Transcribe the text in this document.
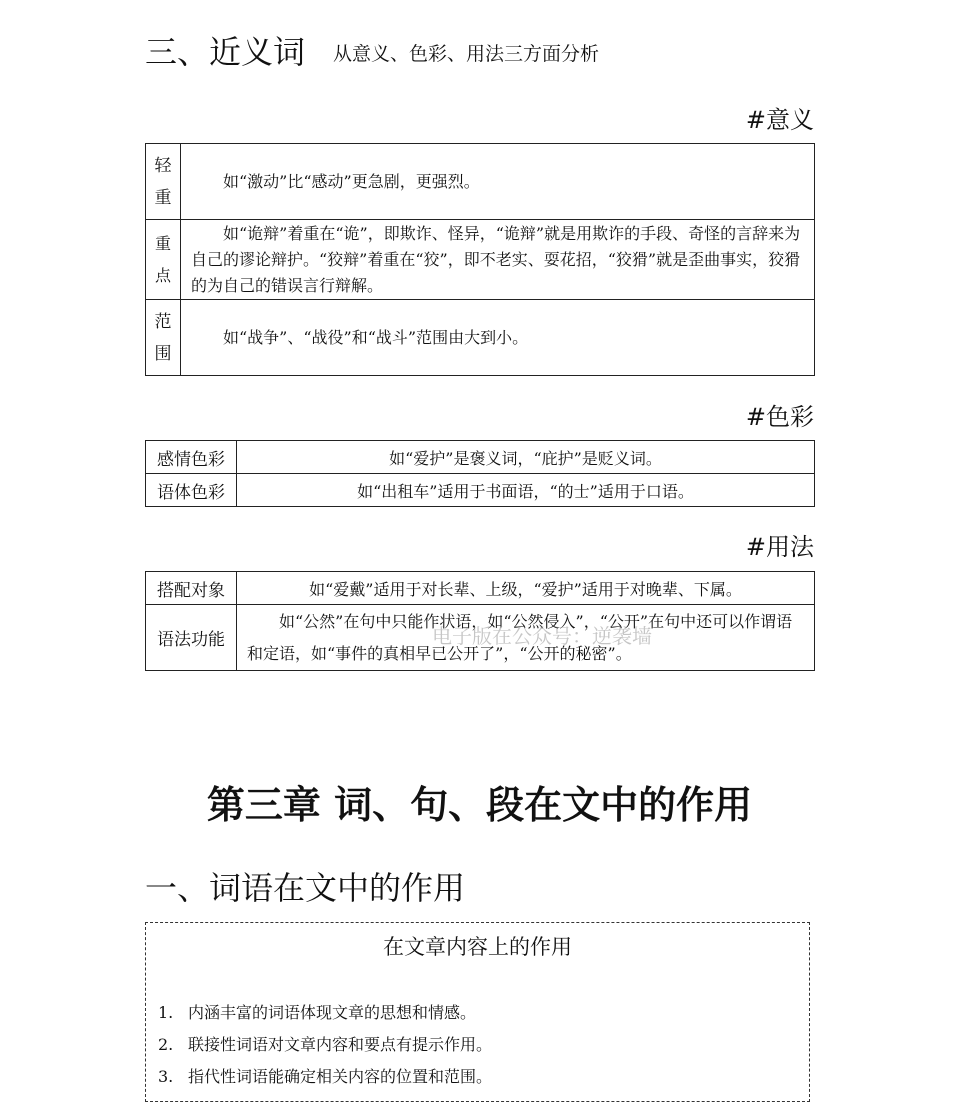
三、近义词 从意义、色彩、用法三方面分析
#意义
轻
重	如“激动”比“感动”更急剧，更强烈。

重
点	如“诡辩”着重在“诡”，即欺诈、怪异，“诡辩”就是用欺诈的手段、奇怪的言辞来为自己的谬论辩护。“狡辩”着重在“狡”，即不老实、耍花招，“狡猾”就是歪曲事实，狡猾的为自己的错误言行辩解。

范
围	如“战争”、“战役”和“战斗”范围由大到小。
#色彩
感情色彩	如“爱护”是褒义词，“庇护”是贬义词。
语体色彩	如“出租车”适用于书面语，“的士”适用于口语。
#用法
搭配对象	如“爱戴”适用于对长辈、上级，“爱护”适用于对晚辈、下属。
语法功能	如“公然”在句中只能作状语，如“公然侵入”，“公开”在句中还可以作谓语和定语，如“事件的真相早已公开了”，“公开的秘密”。
电子版在公众号：逆袭墙
第三章 词、句、段在文中的作用
一、词语在文中的作用
在文章内容上的作用
1. 内涵丰富的词语体现文章的思想和情感。
2. 联接性词语对文章内容和要点有提示作用。
3. 指代性词语能确定相关内容的位置和范围。
